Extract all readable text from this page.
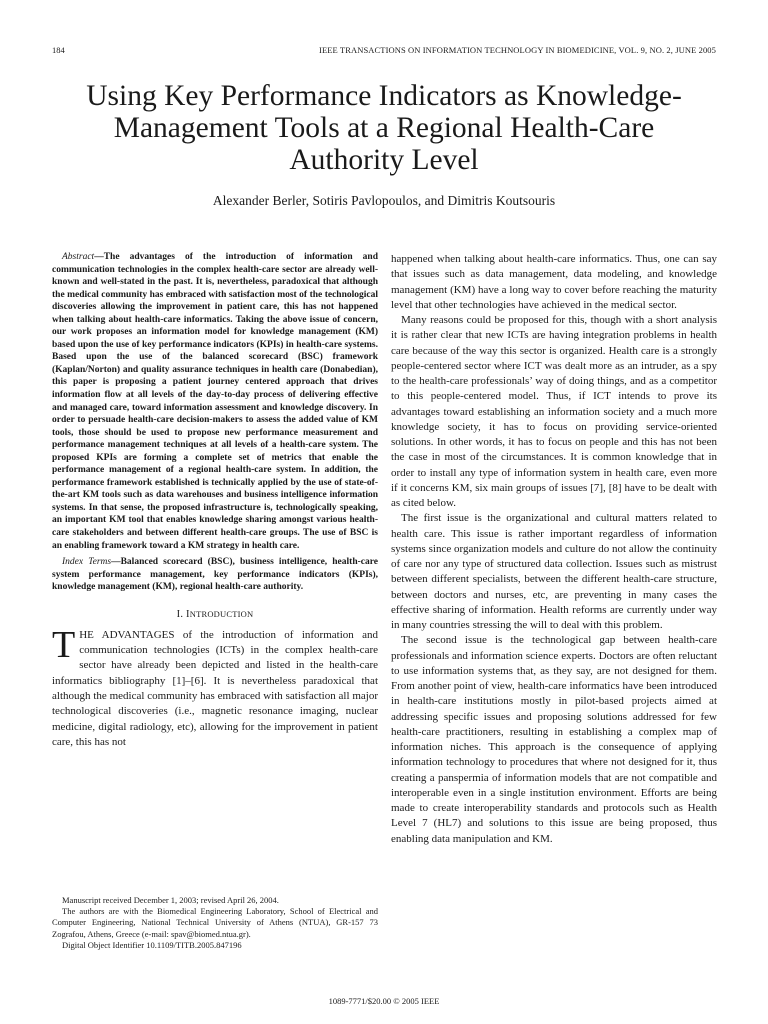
184	IEEE TRANSACTIONS ON INFORMATION TECHNOLOGY IN BIOMEDICINE, VOL. 9, NO. 2, JUNE 2005
Using Key Performance Indicators as Knowledge-Management Tools at a Regional Health-Care Authority Level
Alexander Berler, Sotiris Pavlopoulos, and Dimitris Koutsouris

Abstract—The advantages of the introduction of information and communication technologies in the complex health-care sector are already well-known and well-stated in the past. It is, nevertheless, paradoxical that although the medical community has embraced with satisfaction most of the technological discoveries allowing the improvement in patient care, this has not happened when talking about health-care informatics. Taking the above issue of concern, our work proposes an information model for knowledge management (KM) based upon the use of key performance indicators (KPIs) in health-care systems. Based upon the use of the balanced scorecard (BSC) framework (Kaplan/Norton) and quality assurance techniques in health care (Donabedian), this paper is proposing a patient journey centered approach that drives information flow at all levels of the day-to-day process of delivering effective and managed care, toward information assessment and knowledge discovery. In order to persuade health-care decision-makers to assess the added value of KM tools, those should be used to propose new performance measurement and performance management techniques at all levels of a health-care system. The proposed KPIs are forming a complete set of metrics that enable the performance management of a regional health-care system. In addition, the performance framework established is technically applied by the use of state-of-the-art KM tools such as data warehouses and business intelligence information systems. In that sense, the proposed infrastructure is, technologically speaking, an important KM tool that enables knowledge sharing amongst various health-care stakeholders and between different health-care groups. The use of BSC is an enabling framework toward a KM strategy in health care.

Index Terms—Balanced scorecard (BSC), business intelligence, health-care system performance management, key performance indicators (KPIs), knowledge management (KM), regional health-care authority.

I. INTRODUCTION

THE ADVANTAGES of the introduction of information and communication technologies (ICTs) in the complex health-care sector have already been depicted and listed in the health-care informatics bibliography [1]–[6]. It is nevertheless paradoxical that although the medical community has embraced with satisfaction all major technological discoveries (i.e., magnetic resonance imaging, nuclear medicine, digital radiology, etc), allowing for the improvement in patient care, this has not

Manuscript received December 1, 2003; revised April 26, 2004.

The authors are with the Biomedical Engineering Laboratory, School of Electrical and Computer Engineering, National Technical University of Athens (NTUA), GR-157 73 Zografou, Athens, Greece (e-mail: spav@biomed.ntua.gr).

Digital Object Identifier 10.1109/TITB.2005.847196

happened when talking about health-care informatics. Thus, one can say that issues such as data management, data modeling, and knowledge management (KM) have a long way to cover before reaching the maturity level that other technologies have achieved in the medical sector.

Many reasons could be proposed for this, though with a short analysis it is rather clear that new ICTs are having integration problems in health care because of the way this sector is organized. Health care is a strongly people-centered sector where ICT was dealt more as an intruder, as a spy to the health-care professionals’ way of doing things, and as a competitor to this people-centered model. Thus, if ICT intends to prove its advantages toward establishing an information society and a much more knowledge society, it has to focus on providing service-oriented solutions. In other words, it has to focus on people and this has not been the case in most of the circumstances. It is common knowledge that in order to install any type of information system in health care, even more if it concerns KM, six main groups of issues [7], [8] have to be dealt with as cited below.

The first issue is the organizational and cultural matters related to health care. This issue is rather important regardless of information systems since organization models and culture do not allow the continuity of care nor any type of structured data collection. Issues such as mistrust between different specialists, between the different health-care structure, between doctors and nurses, etc, are preventing in many cases the effective sharing of information. Health reforms are currently under way in many countries stressing the will to deal with this problem.

The second issue is the technological gap between health-care professionals and information science experts. Doctors are often reluctant to use information systems that, as they say, are not designed for them. From another point of view, health-care informatics have been introduced in health-care institutions mostly in pilot-based projects aimed at addressing specific issues and proposing solutions addressed for few health-care practitioners, resulting in establishing a complex map of information niches. This approach is the consequence of applying information technology to procedures that where not designed for it, thus creating a panspermia of information models that are not compatible and interoperable even in a single institution environment. Efforts are being made to create interoperability standards and protocols such as Health Level 7 (HL7) and solutions to this issue are being proposed, thus enabling data manipulation and KM.

1089-7771/$20.00 © 2005 IEEE
